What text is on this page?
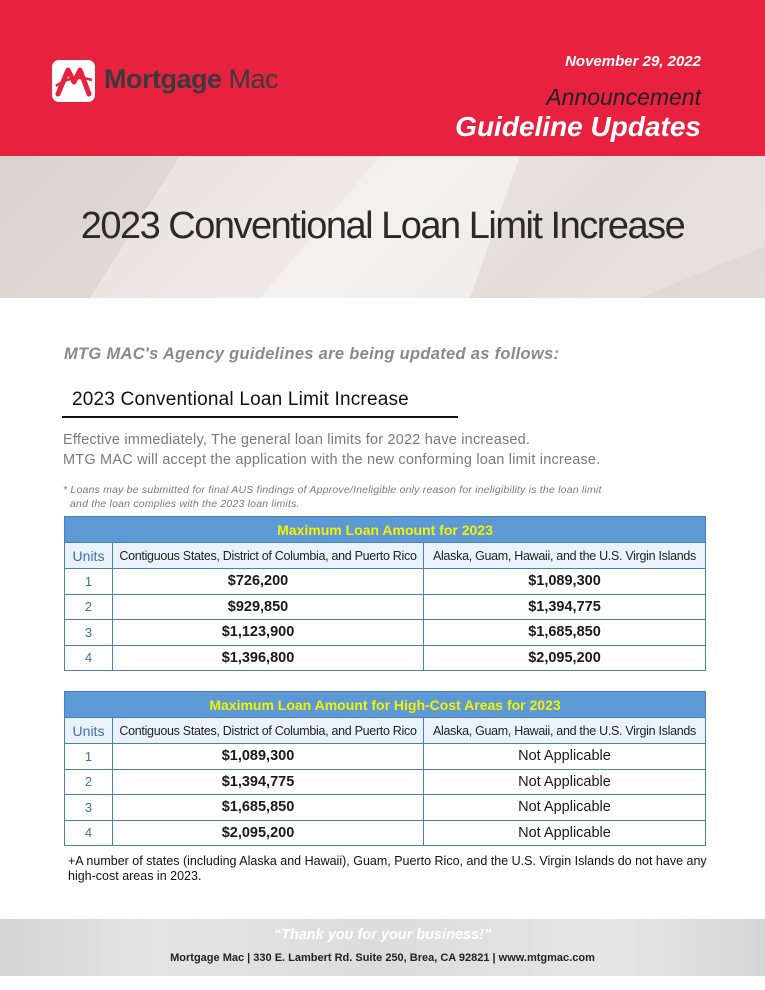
Mortgage Mac
November 29, 2022
Announcement
Guideline Updates
2023 Conventional Loan Limit Increase
MTG MAC's Agency guidelines are being updated as follows:
2023 Conventional Loan Limit Increase
Effective immediately, The general loan limits for 2022 have increased.
MTG MAC will accept the application with the new conforming loan limit increase.
* Loans may be submitted for final AUS findings of Approve/Ineligible only reason for ineligibility is the loan limit
and the loan complies with the 2023 loan limits.
Maximum Loan Amount for 2023		
Units	Contiguous States, District of Columbia, and Puerto Rico	Alaska, Guam, Hawaii, and the U.S. Virgin Islands
1	$726,200	$1,089,300
2	$929,850	$1,394,775
3	$1,123,900	$1,685,850
4	$1,396,800	$2,095,200
Maximum Loan Amount for High-Cost Areas for 2023		
Units	Contiguous States, District of Columbia, and Puerto Rico	Alaska, Guam, Hawaii, and the U.S. Virgin Islands
1	$1,089,300	Not Applicable
2	$1,394,775	Not Applicable
3	$1,685,850	Not Applicable
4	$2,095,200	Not Applicable
+A number of states (including Alaska and Hawaii), Guam, Puerto Rico, and the U.S. Virgin Islands do not have any high-cost areas in 2023.
“Thank you for your business!”
Mortgage Mac | 330 E. Lambert Rd. Suite 250, Brea, CA 92821 | www.mtgmac.com
